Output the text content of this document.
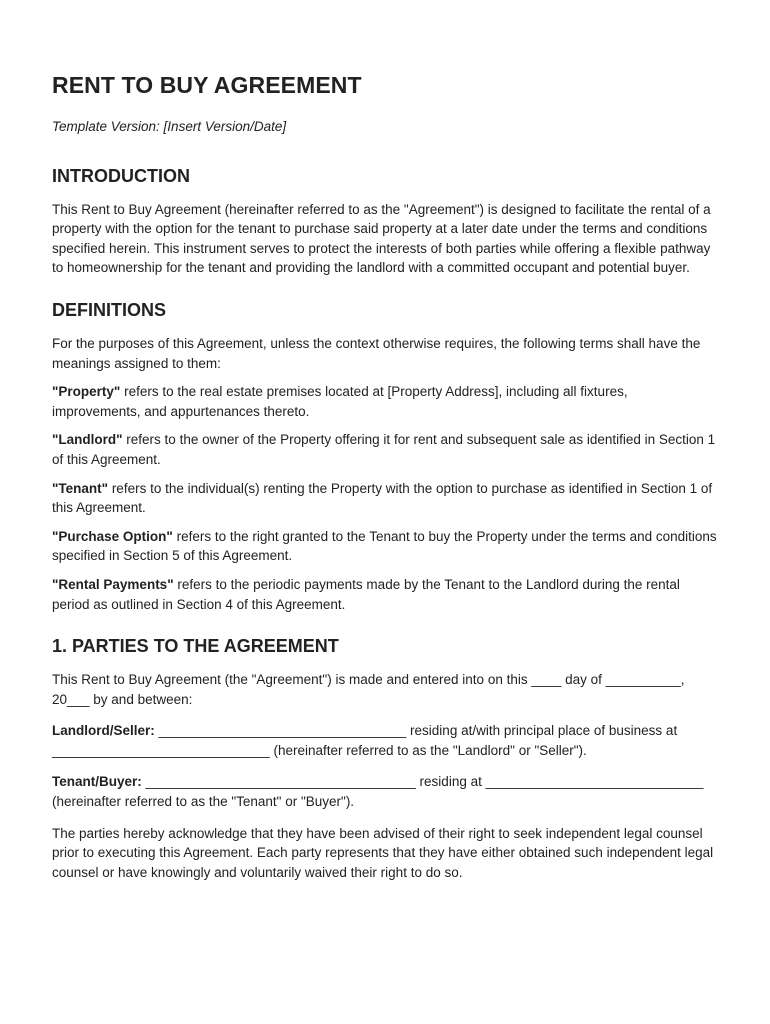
RENT TO BUY AGREEMENT

Template Version: [Insert Version/Date]

INTRODUCTION

This Rent to Buy Agreement (hereinafter referred to as the "Agreement") is designed to facilitate the rental of a property with the option for the tenant to purchase said property at a later date under the terms and conditions specified herein. This instrument serves to protect the interests of both parties while offering a flexible pathway to homeownership for the tenant and providing the landlord with a committed occupant and potential buyer.

DEFINITIONS

For the purposes of this Agreement, unless the context otherwise requires, the following terms shall have the meanings assigned to them:

"Property" refers to the real estate premises located at [Property Address], including all fixtures, improvements, and appurtenances thereto.

"Landlord" refers to the owner of the Property offering it for rent and subsequent sale as identified in Section 1 of this Agreement.

"Tenant" refers to the individual(s) renting the Property with the option to purchase as identified in Section 1 of this Agreement.

"Purchase Option" refers to the right granted to the Tenant to buy the Property under the terms and conditions specified in Section 5 of this Agreement.

"Rental Payments" refers to the periodic payments made by the Tenant to the Landlord during the rental period as outlined in Section 4 of this Agreement.

1. PARTIES TO THE AGREEMENT

This Rent to Buy Agreement (the "Agreement") is made and entered into on this ____ day of __________, 20___ by and between:

Landlord/Seller: _________________________________ residing at/with principal place of business at _____________________________ (hereinafter referred to as the "Landlord" or "Seller").

Tenant/Buyer: ____________________________________ residing at _____________________________ (hereinafter referred to as the "Tenant" or "Buyer").

The parties hereby acknowledge that they have been advised of their right to seek independent legal counsel prior to executing this Agreement. Each party represents that they have either obtained such independent legal counsel or have knowingly and voluntarily waived their right to do so.
